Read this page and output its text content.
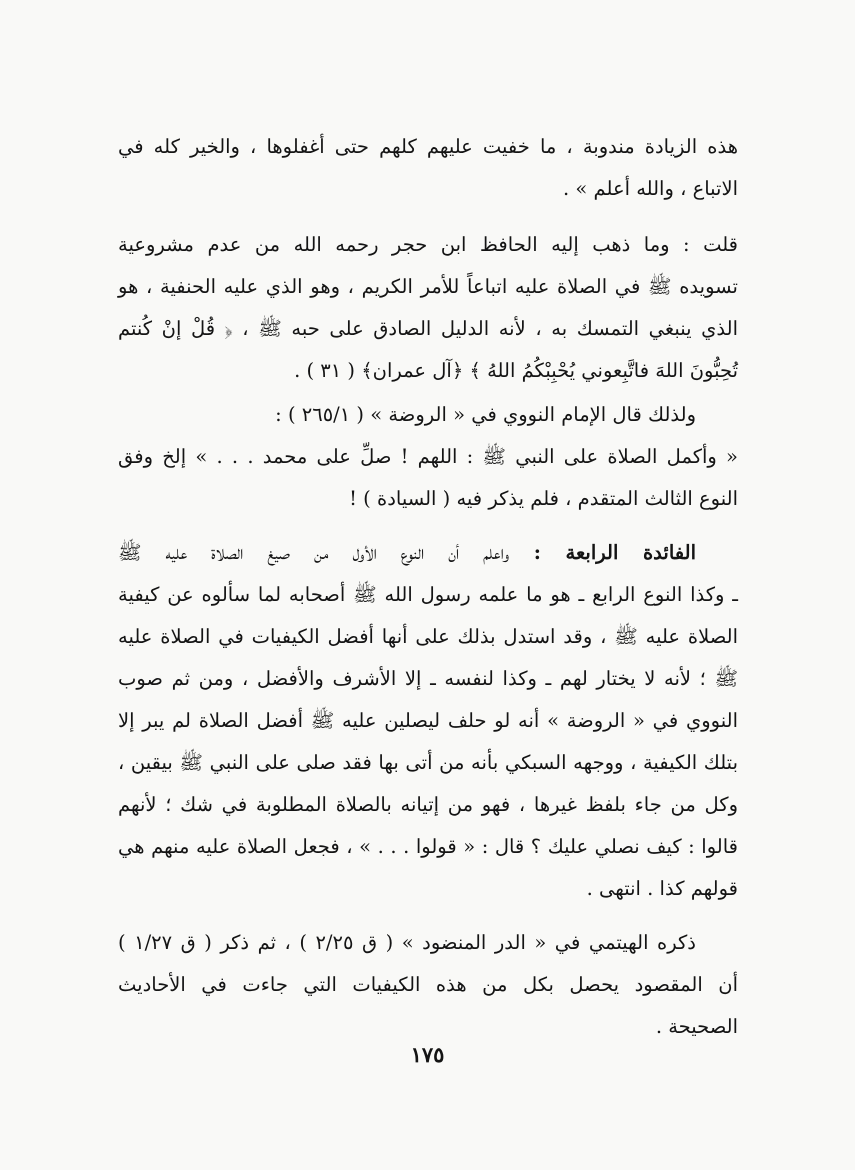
هذه الزيادة مندوبة ، ما خفيت عليهم كلهم حتى أغفلوها ، والخير كله في
الاتباع ، والله أعلم » .
قلت : وما ذهب إليه الحافظ ابن حجر رحمه الله من عدم مشروعية
تسويده ﷺ في الصلاة عليه اتباعاً للأمر الكريم ، وهو الذي عليه الحنفية ، هو
الذي ينبغي التمسك به ، لأنه الدليل الصادق على حبه ﷺ ، ﴿ قُلْ إنْ كُنتم
تُحِبُّونَ اللهَ فاتَّبِعوني يُحْبِبْكُمُ اللهُ ﴾ ﴿آل عمران﴾ ( ٣١ ) .
ولذلك قال الإمام النووي في « الروضة » ( ٢٦٥/١ ) :
« وأكمل الصلاة على النبي ﷺ : اللهم ! صلِّ على محمد . . . » إلخ وفق
النوع الثالث المتقدم ، فلم يذكر فيه ( السيادة ) !
الفائدة الرابعة : واعلم أن النوع الأول من صيغ الصلاة عليه ﷺ
ـ وكذا النوع الرابع ـ هو ما علمه رسول الله ﷺ أصحابه لما سألوه عن كيفية
الصلاة عليه ﷺ ، وقد استدل بذلك على أنها أفضل الكيفيات في الصلاة عليه
ﷺ ؛ لأنه لا يختار لهم ـ وكذا لنفسه ـ إلا الأشرف والأفضل ، ومن ثم صوب
النووي في « الروضة » أنه لو حلف ليصلين عليه ﷺ أفضل الصلاة لم يبر إلا
بتلك الكيفية ، ووجهه السبكي بأنه من أتى بها فقد صلى على النبي ﷺ بيقين ،
وكل من جاء بلفظ غيرها ، فهو من إتيانه بالصلاة المطلوبة في شك ؛ لأنهم
قالوا : كيف نصلي عليك ؟ قال : « قولوا . . . » ، فجعل الصلاة عليه منهم هي
قولهم كذا . انتهى .
ذكره الهيتمي في « الدر المنضود » ( ق ٢/٢٥ ) ، ثم ذكر ( ق ١/٢٧ )
أن المقصود يحصل بكل من هذه الكيفيات التي جاءت في الأحاديث
الصحيحة .
١٧٥
